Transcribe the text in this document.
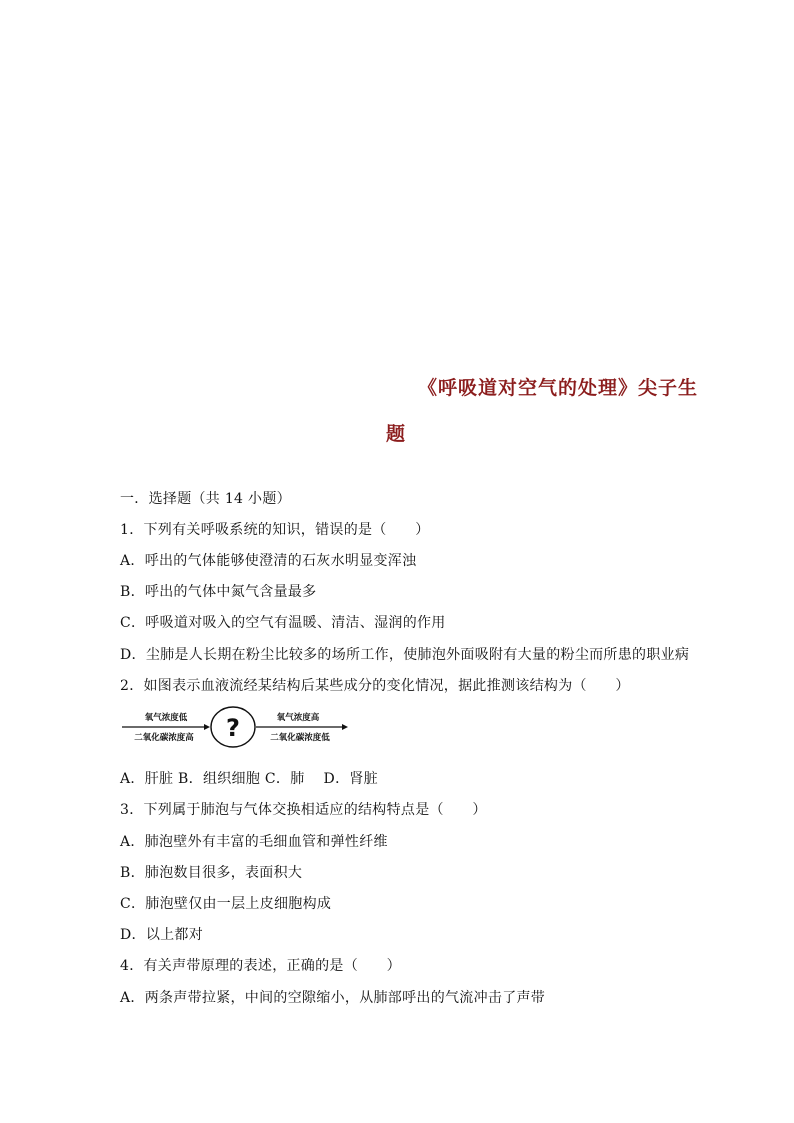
《呼吸道对空气的处理》尖子生
题
一．选择题（共 14 小题）
1．下列有关呼吸系统的知识，错误的是（　　）
A．呼出的气体能够使澄清的石灰水明显变浑浊
B．呼出的气体中氮气含量最多
C．呼吸道对吸入的空气有温暖、清洁、湿润的作用
D．尘肺是人长期在粉尘比较多的场所工作，使肺泡外面吸附有大量的粉尘而所患的职业病
2．如图表示血液流经某结构后某些成分的变化情况，据此推测该结构为（　　）
氧气浓度低
二氧化碳浓度高 ?	氧气浓度高
二氧化碳浓度低
A．肝脏 B．组织细胞 C．肺　 D．肾脏
3．下列属于肺泡与气体交换相适应的结构特点是（　　）
A．肺泡壁外有丰富的毛细血管和弹性纤维
B．肺泡数目很多，表面积大
C．肺泡壁仅由一层上皮细胞构成
D．以上都对
4．有关声带原理的表述，正确的是（　　）
A．两条声带拉紧，中间的空隙缩小，从肺部呼出的气流冲击了声带
